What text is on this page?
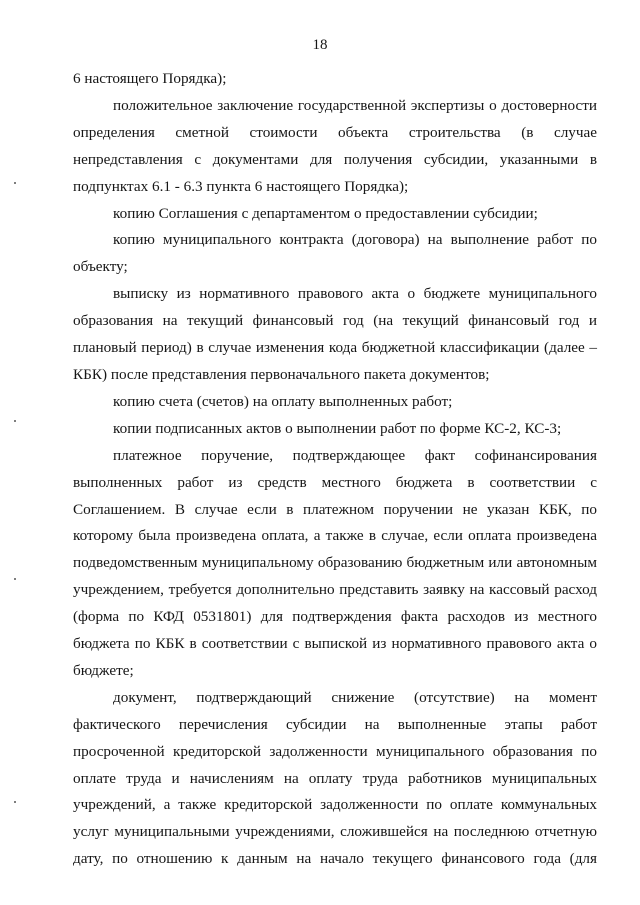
18

6 настоящего Порядка);

положительное заключение государственной экспертизы о достоверности определения сметной стоимости объекта строительства (в случае непредставления с документами для получения субсидии, указанными в подпунктах 6.1 - 6.3 пункта 6 настоящего Порядка);

копию Соглашения с департаментом о предоставлении субсидии;

копию муниципального контракта (договора) на выполнение работ по объекту;

выписку из нормативного правового акта о бюджете муниципального образования на текущий финансовый год (на текущий финансовый год и плановый период) в случае изменения кода бюджетной классификации (далее – КБК) после представления первоначального пакета документов;

копию счета (счетов) на оплату выполненных работ;

копии подписанных актов о выполнении работ по форме КС-2, КС-3;

платежное поручение, подтверждающее факт софинансирования выполненных работ из средств местного бюджета в соответствии с Соглашением. В случае если в платежном поручении не указан КБК, по которому была произведена оплата, а также в случае, если оплата произведена подведомственным муниципальному образованию бюджетным или автономным учреждением, требуется дополнительно представить заявку на кассовый расход (форма по КФД 0531801) для подтверждения факта расходов из местного бюджета по КБК в соответствии с выпиской из нормативного правового акта о бюджете;

документ, подтверждающий снижение (отсутствие) на момент фактического перечисления субсидии на выполненные этапы работ просроченной кредиторской задолженности муниципального образования по оплате труда и начислениям на оплату труда работников муниципальных учреждений, а также кредиторской задолженности по оплате коммунальных услуг муниципальными учреждениями, сложившейся на последнюю отчетную дату, по отношению к данным на начало текущего финансового года (для
